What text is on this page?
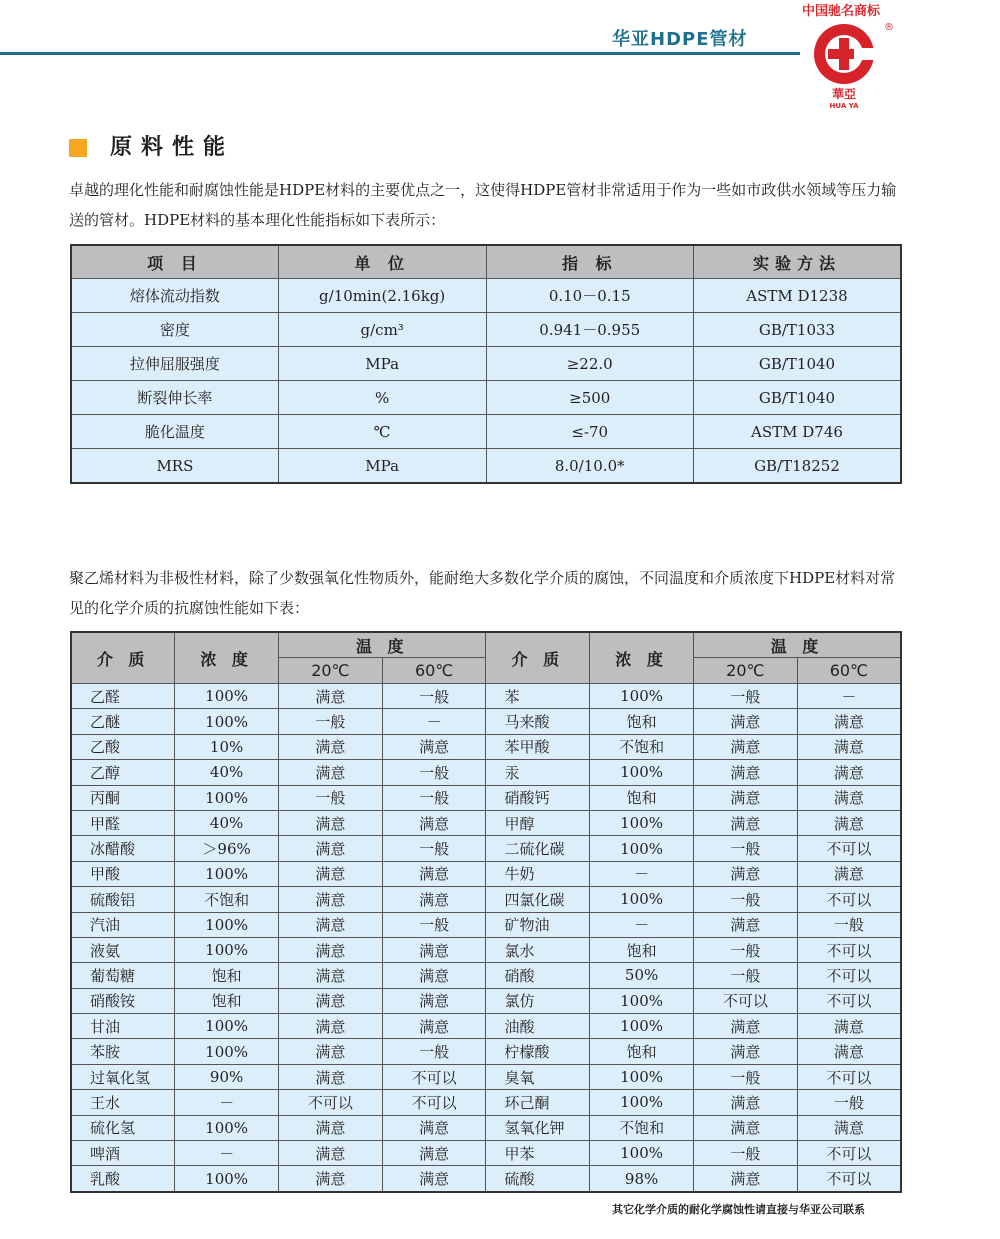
华亚HDPE管材
中国驰名商标
®
華亞
HUA YA
原料性能
卓越的理化性能和耐腐蚀性能是HDPE材料的主要优点之一，这使得HDPE管材非常适用于作为一些如市政供水领域等压力输送的管材。HDPE材料的基本理化性能指标如下表所示：
项 目	单 位	指 标	实验方法
熔体流动指数	g/10min(2.16kg)	0.10－0.15	ASTM D1238
密度	g/cm³	0.941－0.955	GB/T1033
拉伸屈服强度	MPa	≥22.0	GB/T1040
断裂伸长率	%	≥500	GB/T1040
脆化温度	℃	≤-70	ASTM D746
MRS	MPa	8.0/10.0*	GB/T18252
聚乙烯材料为非极性材料，除了少数强氧化性物质外，能耐绝大多数化学介质的腐蚀，不同温度和介质浓度下HDPE材料对常见的化学介质的抗腐蚀性能如下表：
介 质	浓 度	温 度		介 质	浓 度	温 度	
		20℃	60℃			20℃	60℃
乙醛	100%	满意	一般	苯	100%	一般	－
乙醚	100%	一般	－	马来酸	饱和	满意	满意
乙酸	10%	满意	满意	苯甲酸	不饱和	满意	满意
乙醇	40%	满意	一般	汞	100%	满意	满意
丙酮	100%	一般	一般	硝酸钙	饱和	满意	满意
甲醛	40%	满意	满意	甲醇	100%	满意	满意
冰醋酸	＞96%	满意	一般	二硫化碳	100%	一般	不可以
甲酸	100%	满意	满意	牛奶	－	满意	满意
硫酸铝	不饱和	满意	满意	四氯化碳	100%	一般	不可以
汽油	100%	满意	一般	矿物油	－	满意	一般
液氨	100%	满意	满意	氯水	饱和	一般	不可以
葡萄糖	饱和	满意	满意	硝酸	50%	一般	不可以
硝酸铵	饱和	满意	满意	氯仿	100%	不可以	不可以
甘油	100%	满意	满意	油酸	100%	满意	满意
苯胺	100%	满意	一般	柠檬酸	饱和	满意	满意
过氧化氢	90%	满意	不可以	臭氧	100%	一般	不可以
王水	－	不可以	不可以	环己酮	100%	满意	一般
硫化氢	100%	满意	满意	氢氧化钾	不饱和	满意	满意
啤酒	－	满意	满意	甲苯	100%	一般	不可以
乳酸	100%	满意	满意	硫酸	98%	满意	不可以
其它化学介质的耐化学腐蚀性请直接与华亚公司联系
